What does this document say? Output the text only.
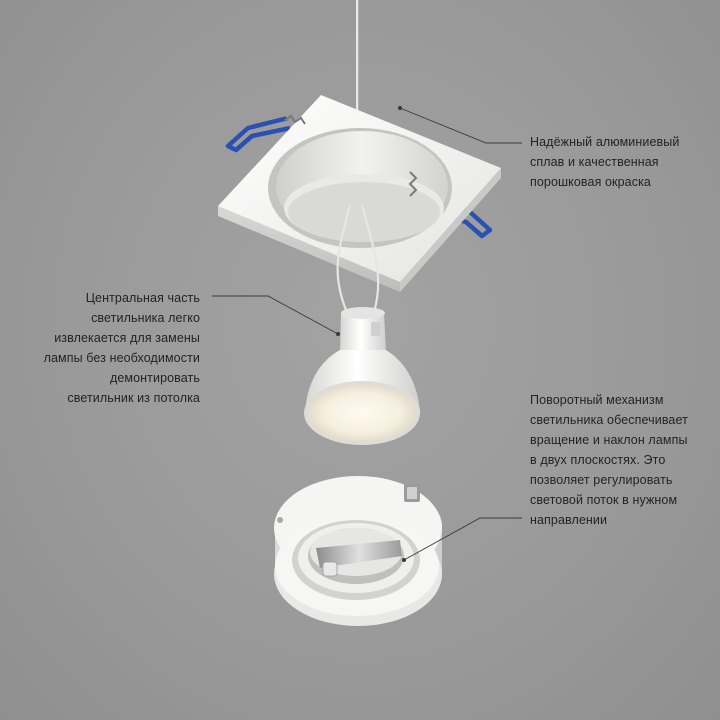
Надёжный алюминиевый
сплав и качественная
порошковая окраска

Центральная часть
светильника легко
извлекается для замены
лампы без необходимости
демонтировать
светильник из потолка	Поворотный механизм
светильника обеспечивает
вращение и наклон лампы
в двух плоскостях. Это
позволяет регулировать
световой поток в нужном
направлении
